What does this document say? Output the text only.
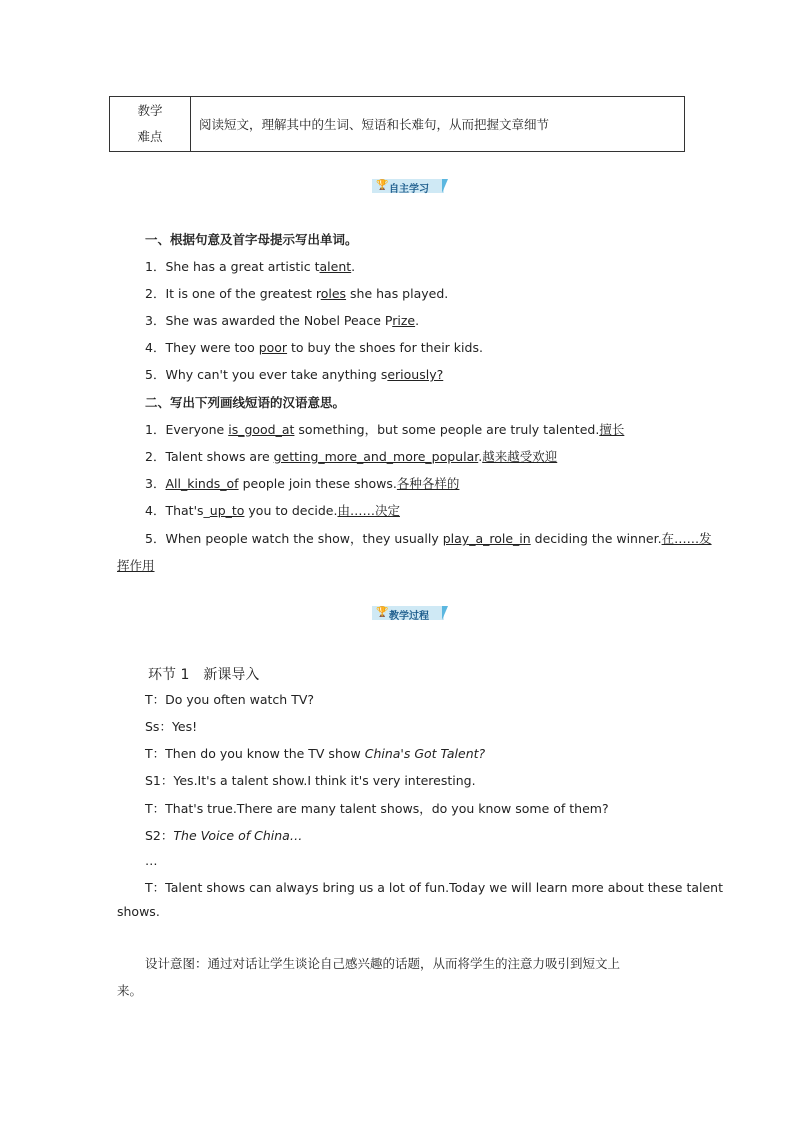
教学
难点
	阅读短文，理解其中的生词、短语和长难句，从而把握文章细节
🏆 自主学习
一、根据句意及首字母提示写出单词。
1．She has a great artistic talent.
2．It is one of the greatest roles she has played.
3．She was awarded the Nobel Peace Prize.
4．They were too poor to buy the shoes for their kids.
5．Why can't you ever take anything seriously?
二、写出下列画线短语的汉语意思。
1．Everyone is_good_at something，but some people are truly talented.擅长
2．Talent shows are getting_more_and_more_popular.越来越受欢迎
3．All_kinds_of people join these shows.各种各样的
4．That's_up_to you to decide.由……决定
5．When people watch the show，they usually play_a_role_in deciding the winner.在……发
挥作用
🏆 教学过程
环节 1　新课导入
T：Do you often watch TV?
Ss：Yes!
T：Then do you know the TV show China's Got Talent?
S1：Yes.It's a talent show.I think it's very interesting.
T：That's true.There are many talent shows，do you know some of them?
S2：The Voice of China…
…
T：Talent shows can always bring us a lot of fun.Today we will learn more about these talent
shows.
设计意图：通过对话让学生谈论自己感兴趣的话题，从而将学生的注意力吸引到短文上
来。
